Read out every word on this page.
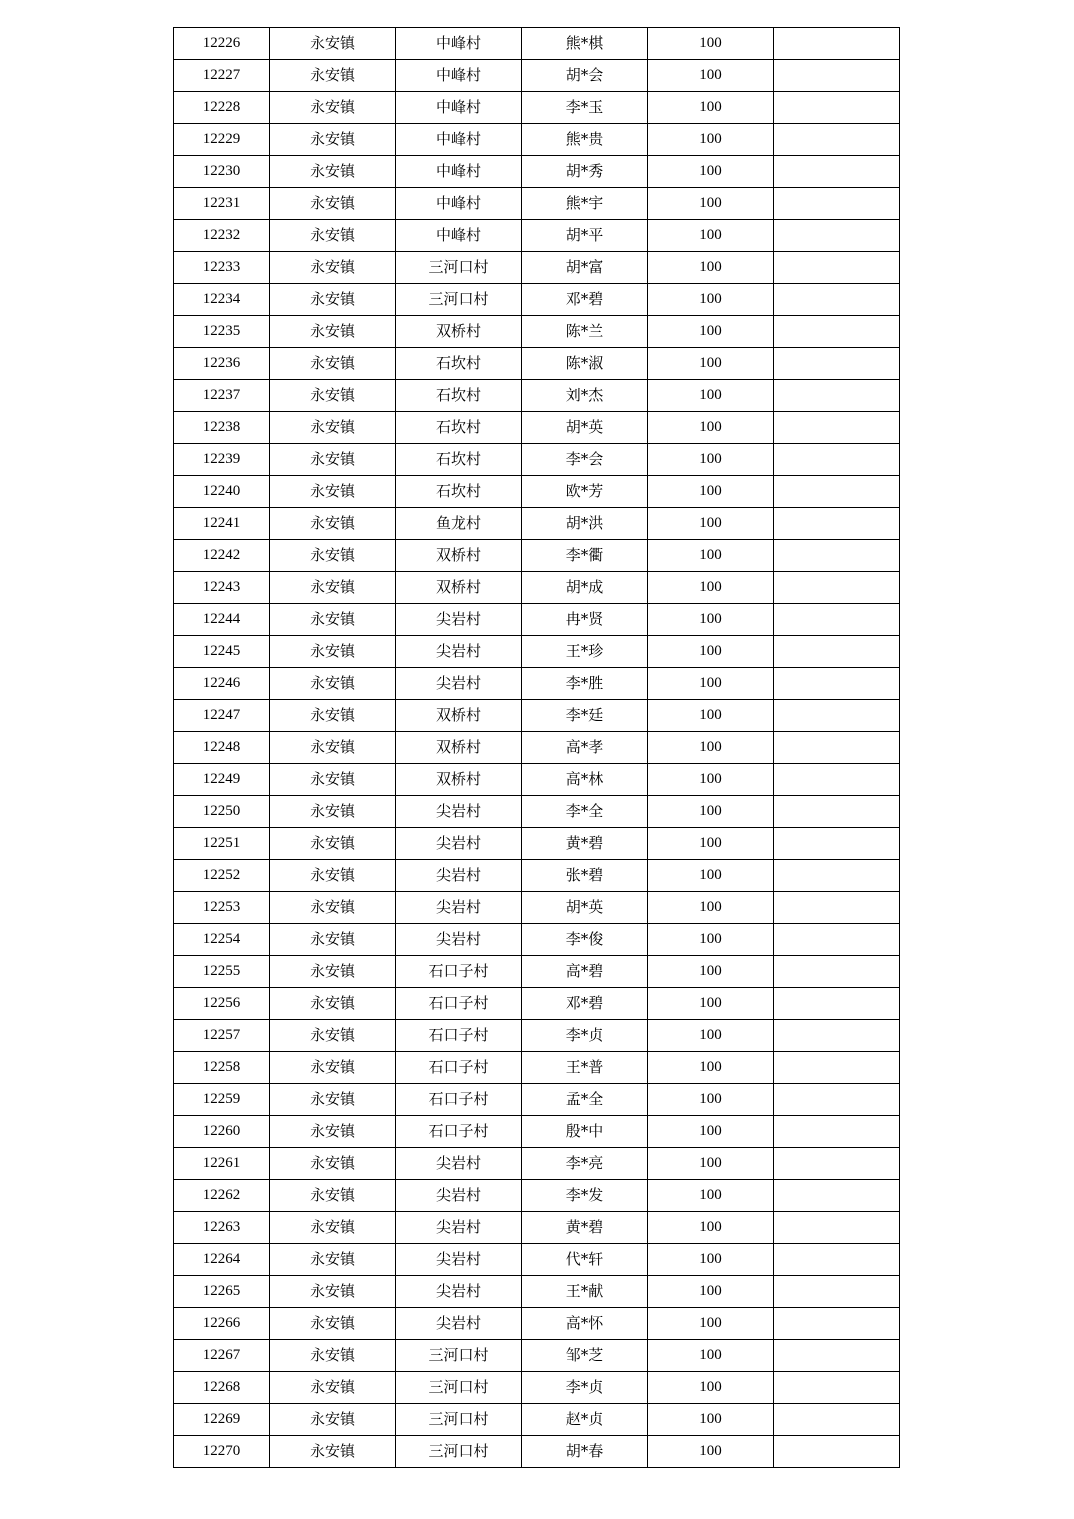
12226	永安镇	中峰村	熊*棋	100	
12227	永安镇	中峰村	胡*会	100	
12228	永安镇	中峰村	李*玉	100	
12229	永安镇	中峰村	熊*贵	100	
12230	永安镇	中峰村	胡*秀	100	
12231	永安镇	中峰村	熊*宇	100	
12232	永安镇	中峰村	胡*平	100	
12233	永安镇	三河口村	胡*富	100	
12234	永安镇	三河口村	邓*碧	100	
12235	永安镇	双桥村	陈*兰	100	
12236	永安镇	石坎村	陈*淑	100	
12237	永安镇	石坎村	刘*杰	100	
12238	永安镇	石坎村	胡*英	100	
12239	永安镇	石坎村	李*会	100	
12240	永安镇	石坎村	欧*芳	100	
12241	永安镇	鱼龙村	胡*洪	100	
12242	永安镇	双桥村	李*衢	100	
12243	永安镇	双桥村	胡*成	100	
12244	永安镇	尖岩村	冉*贤	100	
12245	永安镇	尖岩村	王*珍	100	
12246	永安镇	尖岩村	李*胜	100	
12247	永安镇	双桥村	李*廷	100	
12248	永安镇	双桥村	高*孝	100	
12249	永安镇	双桥村	高*林	100	
12250	永安镇	尖岩村	李*全	100	
12251	永安镇	尖岩村	黄*碧	100	
12252	永安镇	尖岩村	张*碧	100	
12253	永安镇	尖岩村	胡*英	100	
12254	永安镇	尖岩村	李*俊	100	
12255	永安镇	石口子村	高*碧	100	
12256	永安镇	石口子村	邓*碧	100	
12257	永安镇	石口子村	李*贞	100	
12258	永安镇	石口子村	王*普	100	
12259	永安镇	石口子村	孟*全	100	
12260	永安镇	石口子村	殷*中	100	
12261	永安镇	尖岩村	李*亮	100	
12262	永安镇	尖岩村	李*发	100	
12263	永安镇	尖岩村	黄*碧	100	
12264	永安镇	尖岩村	代*轩	100	
12265	永安镇	尖岩村	王*献	100	
12266	永安镇	尖岩村	高*怀	100	
12267	永安镇	三河口村	邹*芝	100	
12268	永安镇	三河口村	李*贞	100	
12269	永安镇	三河口村	赵*贞	100	
12270	永安镇	三河口村	胡*春	100	
